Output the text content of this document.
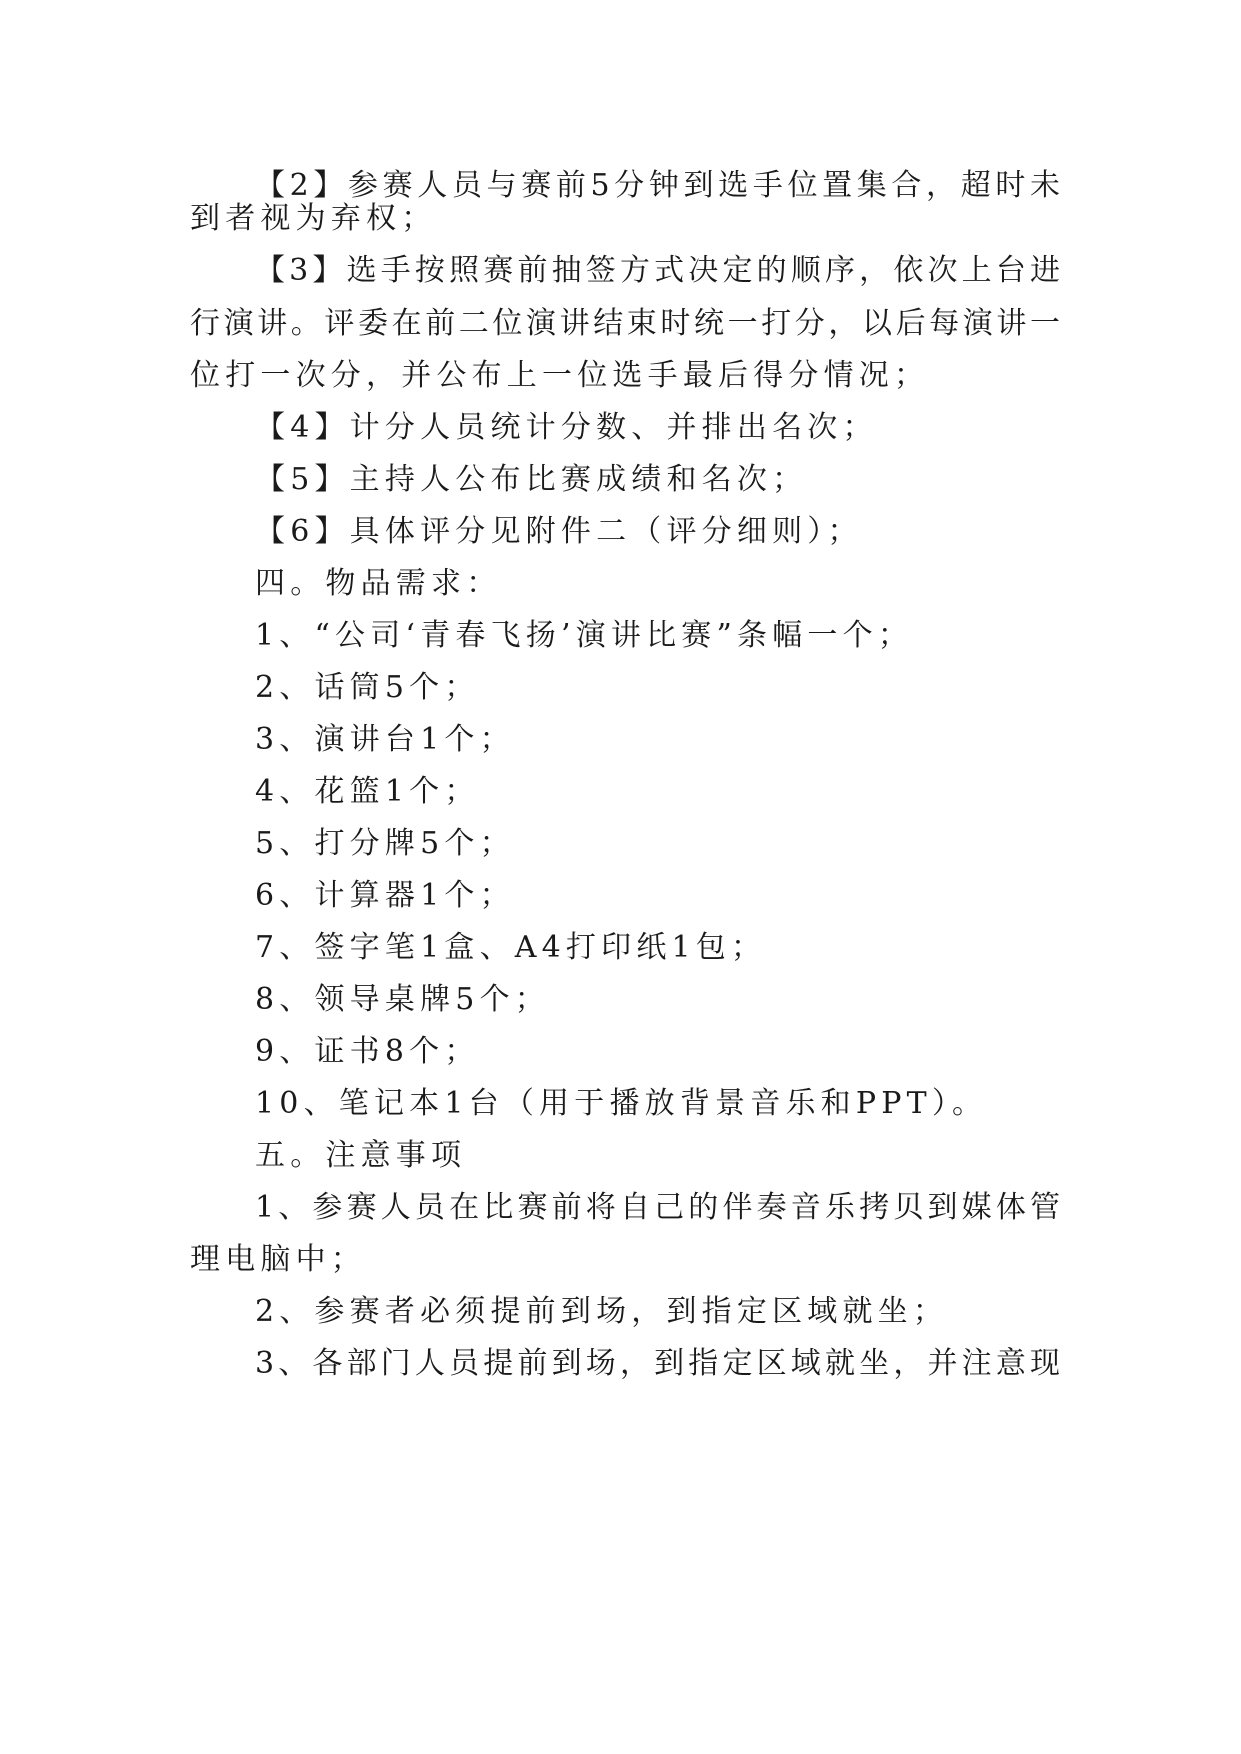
【2】参赛人员与赛前5分钟到选手位置集合，超时未
到者视为弃权；
【3】选手按照赛前抽签方式决定的顺序，依次上台进
行演讲。评委在前二位演讲结束时统一打分，以后每演讲一
位打一次分，并公布上一位选手最后得分情况；
【4】计分人员统计分数、并排出名次；
【5】主持人公布比赛成绩和名次；
【6】具体评分见附件二（评分细则）；
四。物品需求：
1、“公司‘青春飞扬’演讲比赛”条幅一个；
2、话筒5个；
3、演讲台1个；
4、花篮1个；
5、打分牌5个；
6、计算器1个；
7、签字笔1盒、A4打印纸1包；
8、领导桌牌5个；
9、证书8个；
10、笔记本1台（用于播放背景音乐和PPT）。
五。注意事项
1、参赛人员在比赛前将自己的伴奏音乐拷贝到媒体管
理电脑中；
2、参赛者必须提前到场，到指定区域就坐；
3、各部门人员提前到场，到指定区域就坐，并注意现
